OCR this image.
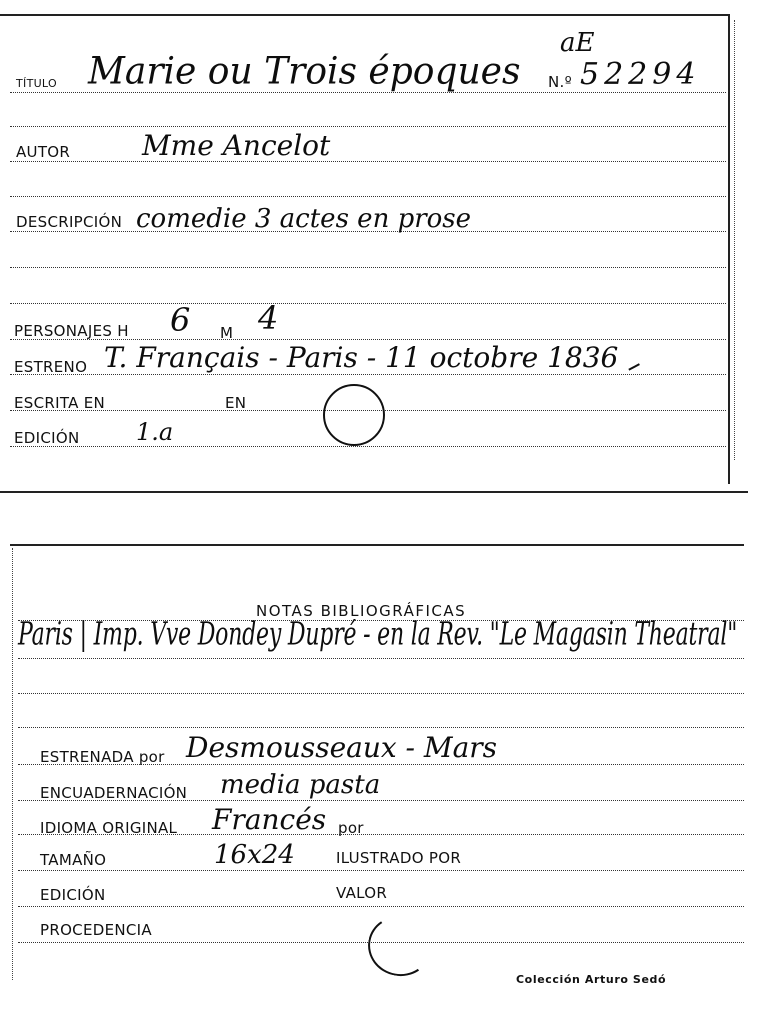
aE
TÍTULO Marie ou Trois époques N.º 52294
AUTOR	Mme Ancelot
DESCRIPCIÓN comedie 3 actes en prose
PERSONAJES H 6 M 4
ESTRENO T. Français - Paris - 11 octobre 1836
ESCRITA EN	EN
EDICIÓN 1.a
NOTAS BIBLIOGRÁFICAS
Paris | Imp. Vve Dondey Dupré - en la Rev. "Le Magasin Theatral"
ESTRENADA por Desmousseaux - Mars
ENCUADERNACIÓN media pasta
IDIOMA ORIGINAL Francés por
TAMAÑO	16x24	ILUSTRADO POR
EDICIÓN	VALOR
PROCEDENCIA
Colección Arturo Sedó
